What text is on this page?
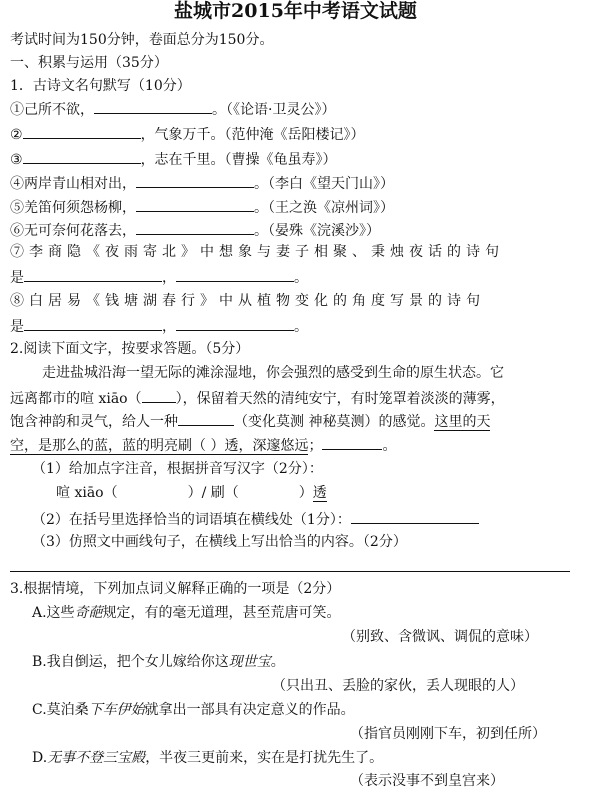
盐城市2015年中考语文试题
考试时间为150分钟，卷面总分为150分。
一、积累与运用（35分）
1．古诗文名句默写（10分）
①己所不欲，	。（《论语·卫灵公》）
②	，气象万千。（范仲淹《岳阳楼记》）
③	，志在千里。（曹操《龟虽寿》）
④两岸青山相对出，	。（李白《望天门山》）
⑤羌笛何须怨杨柳，	。（王之涣《凉州词》）
⑥无可奈何花落去，	。（晏殊《浣溪沙》）
⑦李商隐《夜雨寄北》中想象与妻子相聚、秉烛夜话的诗句
是	，	。
⑧白居易《钱塘湖春行》中从植物变化的角度写景的诗句
是	，	。
2.阅读下面文字，按要求答题。（5分）
走进盐城沿海一望无际的滩涂湿地，你会强烈的感受到生命的原生状态。它
远离都市的喧 xiāo（ ），保留着天然的清纯安宁，有时笼罩着淡淡的薄雾，
饱含神韵和灵气，给人一种	（变化莫测 神秘莫测）的感觉。这里的天
空，是那么的蓝，蓝的明亮刷（ ）透，深邃悠远；	。
（1）给加点字注音，根据拼音写汉字（2分）：
喧 xiāo（	）/ 刷（	）透
（2）在括号里选择恰当的词语填在横线处（1分）：
（3）仿照文中画线句子，在横线上写出恰当的内容。（2分）
3.根据情境，下列加点词义解释正确的一项是（2分）
A.这些奇葩规定，有的毫无道理，甚至荒唐可笑。
（别致、含微讽、调侃的意味）
B.我自倒运，把个女儿嫁给你这现世宝。
（只出丑、丢脸的家伙，丢人现眼的人）
C.莫泊桑下车伊始就拿出一部具有决定意义的作品。
（指官员刚刚下车，初到任所）
D.无事不登三宝殿，半夜三更前来，实在是打扰先生了。
（表示没事不到皇宫来）
